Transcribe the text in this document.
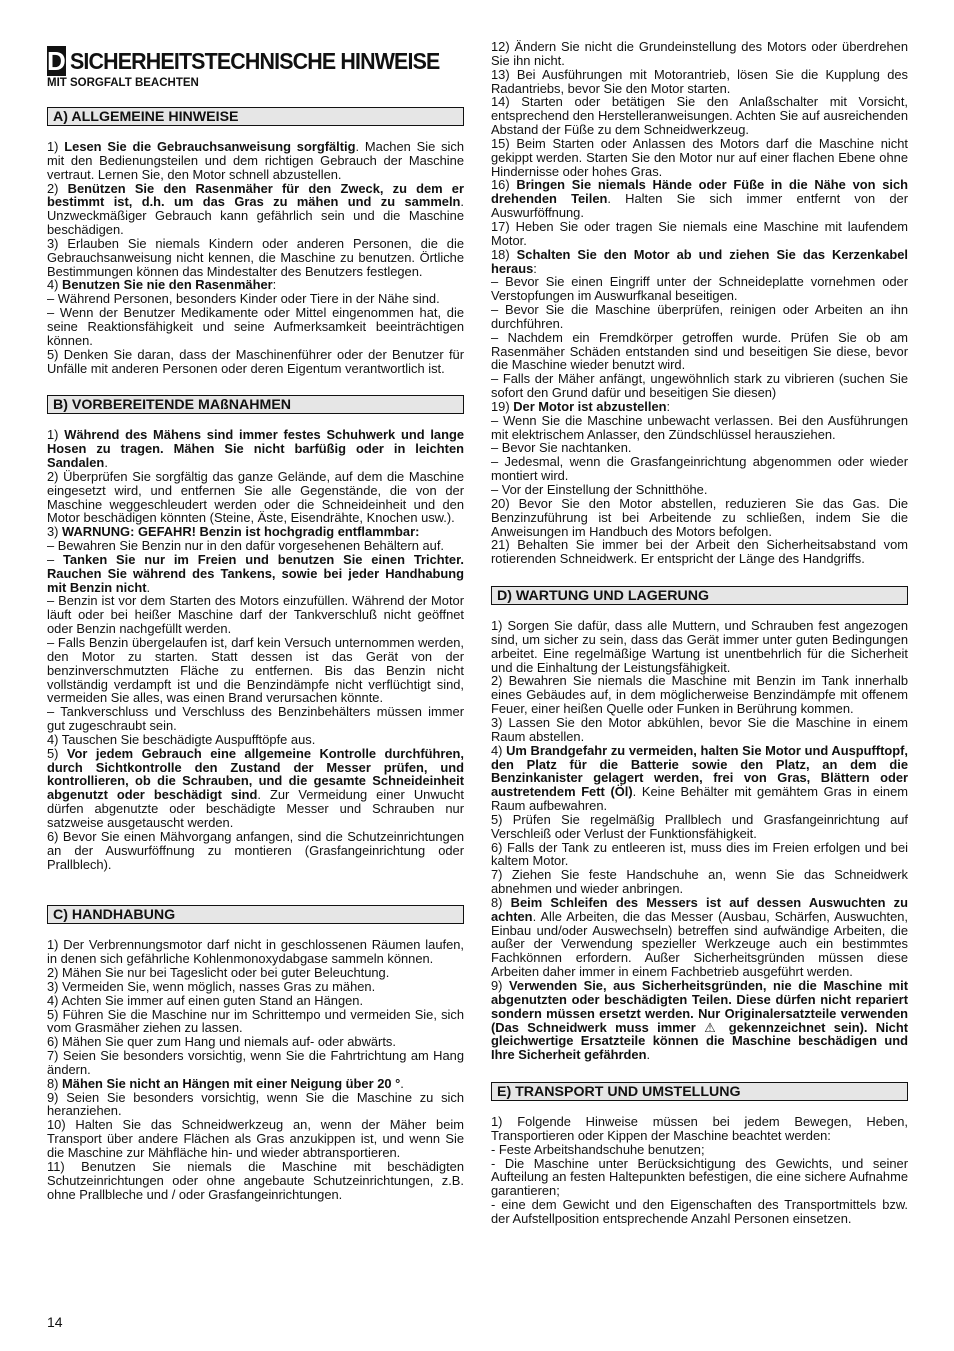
D SICHERHEITSTECHNISCHE HINWEISE
MIT SORGFALT BEACHTEN
A) ALLGEMEINE HINWEISE
1) Lesen Sie die Gebrauchsanweisung sorgfältig. Machen Sie sich mit den Bedienungsteilen und dem richtigen Gebrauch der Maschine vertraut. Lernen Sie, den Motor schnell abzustellen.
2) Benützen Sie den Rasenmäher für den Zweck, zu dem er bestimmt ist, d.h. um das Gras zu mähen und zu sammeln. Unzweckmäßiger Gebrauch kann gefährlich sein und die Maschine beschädigen.
3) Erlauben Sie niemals Kindern oder anderen Personen, die die Gebrauchsanweisung nicht kennen, die Maschine zu benutzen. Örtliche Bestimmungen können das Mindestalter des Benutzers festlegen.
4) Benutzen Sie nie den Rasenmäher:
– Während Personen, besonders Kinder oder Tiere in der Nähe sind.
– Wenn der Benutzer Medikamente oder Mittel eingenommen hat, die seine Reaktionsfähigkeit und seine Aufmerksamkeit beeinträchtigen können.
5) Denken Sie daran, dass der Maschinenführer oder der Benutzer für Unfälle mit anderen Personen oder deren Eigentum verantwortlich ist.
B) VORBEREITENDE MAßNAHMEN
1) Während des Mähens sind immer festes Schuhwerk und lange Hosen zu tragen. Mähen Sie nicht barfüßig oder in leichten Sandalen.
2) Überprüfen Sie sorgfältig das ganze Gelände, auf dem die Maschine eingesetzt wird, und entfernen Sie alle Gegenstände, die von der Maschine weggeschleudert werden oder die Schneideinheit und den Motor beschädigen könnten (Steine, Äste, Eisendrähte, Knochen usw.).
3) WARNUNG: GEFAHR! Benzin ist hochgradig entflammbar:
– Bewahren Sie Benzin nur in den dafür vorgesehenen Behältern auf.
– Tanken Sie nur im Freien und benutzen Sie einen Trichter. Rauchen Sie während des Tankens, sowie bei jeder Handhabung mit Benzin nicht.
– Benzin ist vor dem Starten des Motors einzufüllen. Während der Motor läuft oder bei heißer Maschine darf der Tankverschluß nicht geöffnet oder Benzin nachgefüllt werden.
– Falls Benzin übergelaufen ist, darf kein Versuch unternommen werden, den Motor zu starten. Statt dessen ist das Gerät von der benzinverschmutzten Fläche zu entfernen. Bis das Benzin nicht vollständig verdampft ist und die Benzindämpfe nicht verflüchtigt sind, vermeiden Sie alles, was einen Brand verursachen könnte.
– Tankverschluss und Verschluss des Benzinbehälters müssen immer gut zugeschraubt sein.
4) Tauschen Sie beschädigte Auspufftöpfe aus.
5) Vor jedem Gebrauch eine allgemeine Kontrolle durchführen, durch Sichtkontrolle den Zustand der Messer prüfen, und kontrollieren, ob die Schrauben, und die gesamte Schneideinheit abgenutzt oder beschädigt sind. Zur Vermeidung einer Unwucht dürfen abgenutzte oder beschädigte Messer und Schrauben nur satzweise ausgetauscht werden.
6) Bevor Sie einen Mähvorgang anfangen, sind die Schutzeinrichtungen an der Auswurföffnung zu montieren (Grasfangeinrichtung oder Prallblech).
C) HANDHABUNG
1) Der Verbrennungsmotor darf nicht in geschlossenen Räumen laufen, in denen sich gefährliche Kohlenmonoxydabgase sammeln können.
2) Mähen Sie nur bei Tageslicht oder bei guter Beleuchtung.
3) Vermeiden Sie, wenn möglich, nasses Gras zu mähen.
4) Achten Sie immer auf einen guten Stand an Hängen.
5) Führen Sie die Maschine nur im Schrittempo und vermeiden Sie, sich vom Grasmäher ziehen zu lassen.
6) Mähen Sie quer zum Hang und niemals auf- oder abwärts.
7) Seien Sie besonders vorsichtig, wenn Sie die Fahrtrichtung am Hang ändern.
8) Mähen Sie nicht an Hängen mit einer Neigung über 20 °.
9) Seien Sie besonders vorsichtig, wenn Sie die Maschine zu sich heranziehen.
10) Halten Sie das Schneidwerkzeug an, wenn der Mäher beim Transport über andere Flächen als Gras anzukippen ist, und wenn Sie die Maschine zur Mähfläche hin- und wieder abtransportieren.
11) Benutzen Sie niemals die Maschine mit beschädigten Schutzeinrichtungen oder ohne angebaute Schutzeinrichtungen, z.B. ohne Prallbleche und / oder Grasfangeinrichtungen.
12) Ändern Sie nicht die Grundeinstellung des Motors oder überdrehen Sie ihn nicht.
13) Bei Ausführungen mit Motorantrieb, lösen Sie die Kupplung des Radantriebs, bevor Sie den Motor starten.
14) Starten oder betätigen Sie den Anlaßschalter mit Vorsicht, entsprechend den Herstelleranweisungen. Achten Sie auf ausreichenden Abstand der Füße zu dem Schneidwerkzeug.
15) Beim Starten oder Anlassen des Motors darf die Maschine nicht gekippt werden. Starten Sie den Motor nur auf einer flachen Ebene ohne Hindernisse oder hohes Gras.
16) Bringen Sie niemals Hände oder Füße in die Nähe von sich drehenden Teilen. Halten Sie sich immer entfernt von der Auswurföffnung.
17) Heben Sie oder tragen Sie niemals eine Maschine mit laufendem Motor.
18) Schalten Sie den Motor ab und ziehen Sie das Kerzenkabel heraus:
– Bevor Sie einen Eingriff unter der Schneideplatte vornehmen oder Verstopfungen im Auswurfkanal beseitigen.
– Bevor Sie die Maschine überprüfen, reinigen oder Arbeiten an ihn durchführen.
– Nachdem ein Fremdkörper getroffen wurde. Prüfen Sie ob am Rasenmäher Schäden entstanden sind und beseitigen Sie diese, bevor die Maschine wieder benutzt wird.
– Falls der Mäher anfängt, ungewöhnlich stark zu vibrieren (suchen Sie sofort den Grund dafür und beseitigen Sie diesen)
19) Der Motor ist abzustellen:
– Wenn Sie die Maschine unbewacht verlassen. Bei den Ausführungen mit elektrischem Anlasser, den Zündschlüssel herausziehen.
– Bevor Sie nachtanken.
– Jedesmal, wenn die Grasfangeinrichtung abgenommen oder wieder montiert wird.
– Vor der Einstellung der Schnitthöhe.
20) Bevor Sie den Motor abstellen, reduzieren Sie das Gas. Die Benzinzuführung ist bei Arbeitende zu schließen, indem Sie die Anweisungen im Handbuch des Motors befolgen.
21) Behalten Sie immer bei der Arbeit den Sicherheitsabstand vom rotierenden Schneidwerk. Er entspricht der Länge des Handgriffs.
D) WARTUNG UND LAGERUNG
1) Sorgen Sie dafür, dass alle Muttern, und Schrauben fest angezogen sind, um sicher zu sein, dass das Gerät immer unter guten Bedingungen arbeitet. Eine regelmäßige Wartung ist unentbehrlich für die Sicherheit und die Einhaltung der Leistungsfähigkeit.
2) Bewahren Sie niemals die Maschine mit Benzin im Tank innerhalb eines Gebäudes auf, in dem möglicherweise Benzindämpfe mit offenem Feuer, einer heißen Quelle oder Funken in Berührung kommen.
3) Lassen Sie den Motor abkühlen, bevor Sie die Maschine in einem Raum abstellen.
4) Um Brandgefahr zu vermeiden, halten Sie Motor und Auspufftopf, den Platz für die Batterie sowie den Platz, an dem die Benzinkanister gelagert werden, frei von Gras, Blättern oder austretendem Fett (Öl). Keine Behälter mit gemähtem Gras in einem Raum aufbewahren.
5) Prüfen Sie regelmäßig Prallblech und Grasfangeinrichtung auf Verschleiß oder Verlust der Funktionsfähigkeit.
6) Falls der Tank zu entleeren ist, muss dies im Freien erfolgen und bei kaltem Motor.
7) Ziehen Sie feste Handschuhe an, wenn Sie das Schneidwerk abnehmen und wieder anbringen.
8) Beim Schleifen des Messers ist auf dessen Auswuchten zu achten. Alle Arbeiten, die das Messer (Ausbau, Schärfen, Auswuchten, Einbau und/oder Auswechseln) betreffen sind aufwändige Arbeiten, die außer der Verwendung spezieller Werkzeuge auch ein bestimmtes Fachkönnen erfordern. Außer Sicherheitsgründen müssen diese Arbeiten daher immer in einem Fachbetrieb ausgeführt werden.
9) Verwenden Sie, aus Sicherheitsgründen, nie die Maschine mit abgenutzten oder beschädigten Teilen. Diese dürfen nicht repariert sondern müssen ersetzt werden. Nur Originalersatzteile verwenden (Das Schneidwerk muss immer ⚠ gekennzeichnet sein). Nicht gleichwertige Ersatzteile können die Maschine beschädigen und Ihre Sicherheit gefährden.
E) TRANSPORT UND UMSTELLUNG
1) Folgende Hinweise müssen bei jedem Bewegen, Heben, Transportieren oder Kippen der Maschine beachtet werden:
- Feste Arbeitshandschuhe benutzen;
- Die Maschine unter Berücksichtigung des Gewichts, und seiner Aufteilung an festen Haltepunkten befestigen, die eine sichere Aufnahme garantieren;
- eine dem Gewicht und den Eigenschaften des Transportmittels bzw. der Aufstellposition entsprechende Anzahl Personen einsetzen.
14
